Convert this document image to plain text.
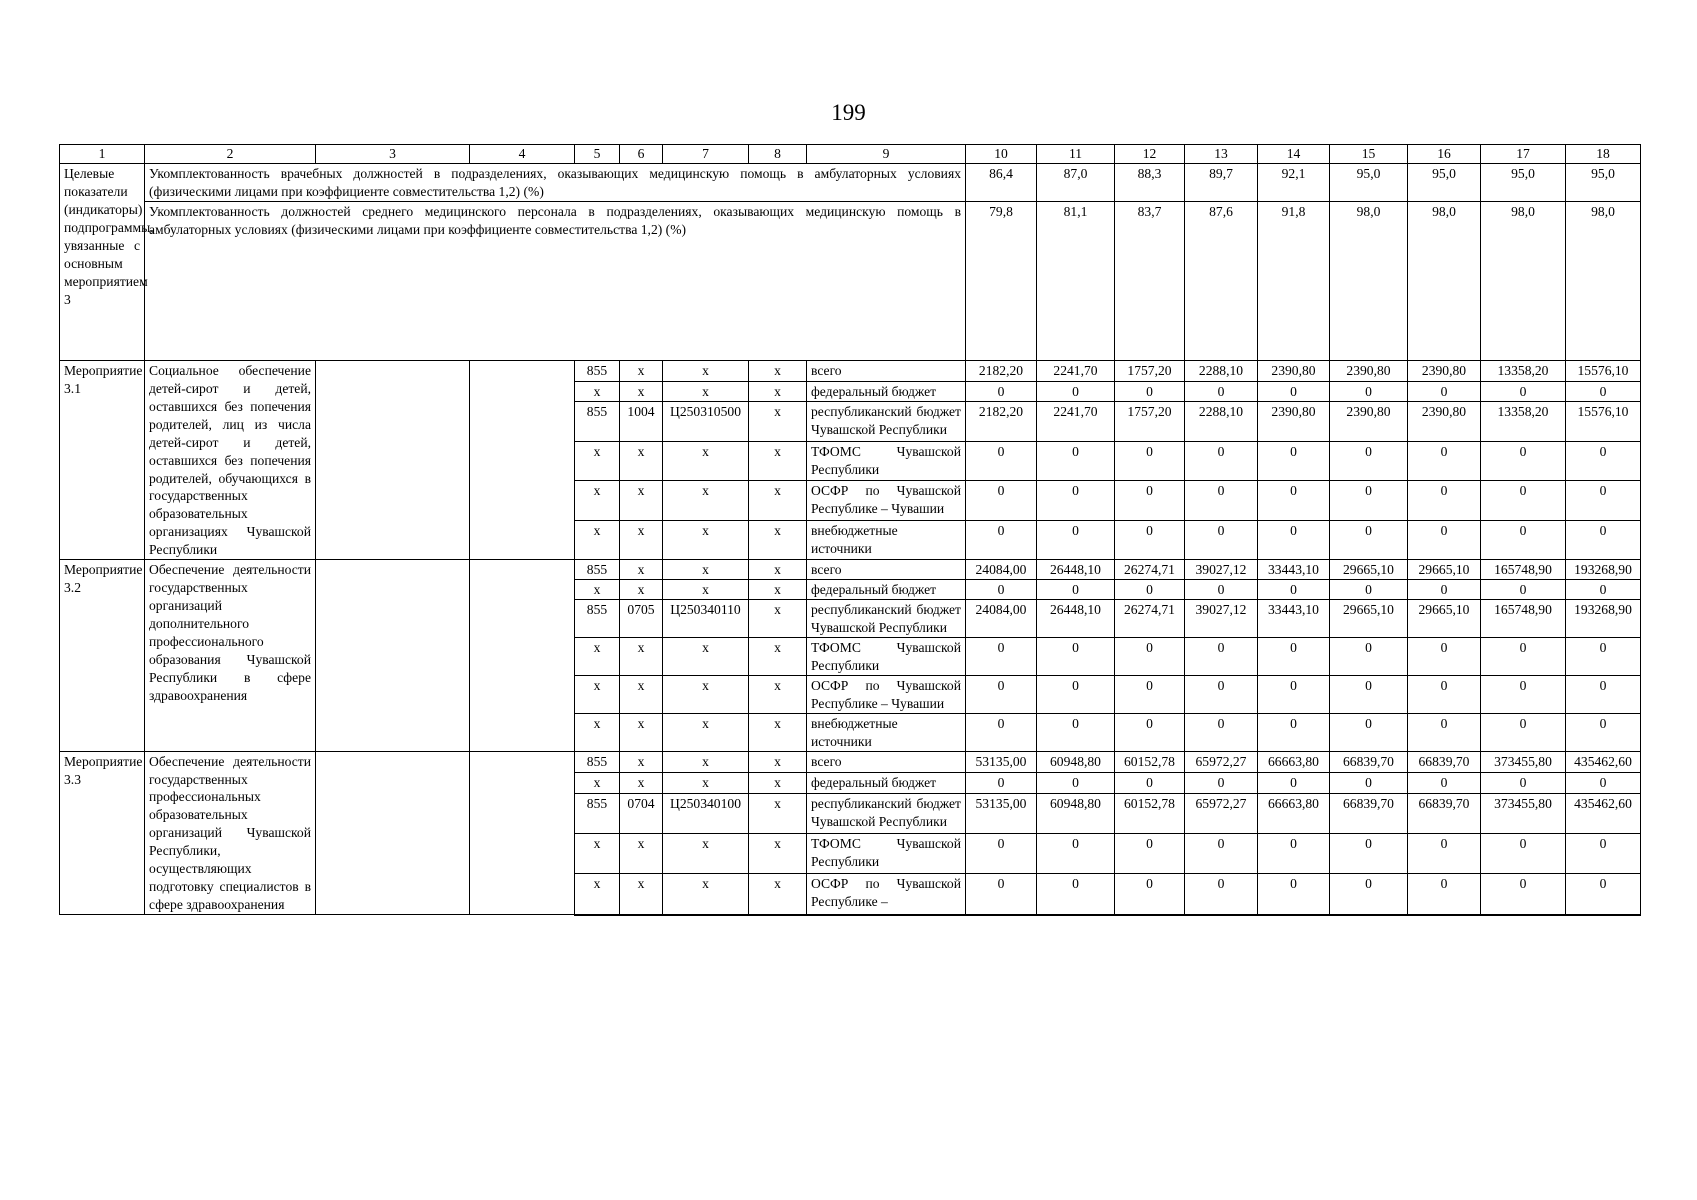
199
1	2	3	4	5	6	7	8	9	10	11	12	13	14	15	16	17	18
Целевые показатели (индикаторы) подпрограммы, увязанные с основным мероприятием 3	Укомплектованность врачебных должностей в подразделениях, оказывающих медицинскую помощь в амбулаторных условиях (физическими лицами при коэффициенте совместительства 1,2) (%)								86,4	87,0	88,3	89,7	92,1	95,0	95,0	95,0	95,0
	Укомплектованность должностей среднего медицинского персонала в подразделениях, оказывающих медицинскую помощь в амбулаторных условиях (физическими лицами при коэффициенте совместительства 1,2) (%)								79,8	81,1	83,7	87,6	91,8	98,0	98,0	98,0	98,0
Мероприятие 3.1	Социальное обеспечение детей-сирот и детей, оставшихся без попечения родителей, лиц из числа детей-сирот и детей, оставшихся без попечения родителей, обучающихся в государственных образовательных организациях Чувашской Республики			855	х	х	х	всего	2182,20	2241,70	1757,20	2288,10	2390,80	2390,80	2390,80	13358,20	15576,10
				х	х	х	х	федеральный бюджет	0	0	0	0	0	0	0	0	0
				855	1004	Ц250310500	х	республиканский бюджет Чувашской Республики	2182,20	2241,70	1757,20	2288,10	2390,80	2390,80	2390,80	13358,20	15576,10
				х	х	х	х	ТФОМС Чувашской Республики	0	0	0	0	0	0	0	0	0
				х	х	х	х	ОСФР по Чувашской Республике – Чувашии	0	0	0	0	0	0	0	0	0
				х	х	х	х	внебюджетные источники	0	0	0	0	0	0	0	0	0
Мероприятие 3.2	Обеспечение деятельности государственных организаций дополнительного профессионального образования Чувашской Республики в сфере здравоохранения			855	х	х	х	всего	24084,00	26448,10	26274,71	39027,12	33443,10	29665,10	29665,10	165748,90	193268,90
				х	х	х	х	федеральный бюджет	0	0	0	0	0	0	0	0	0
				855	0705	Ц250340110	х	республиканский бюджет Чувашской Республики	24084,00	26448,10	26274,71	39027,12	33443,10	29665,10	29665,10	165748,90	193268,90
				х	х	х	х	ТФОМС Чувашской Республики	0	0	0	0	0	0	0	0	0
				х	х	х	х	ОСФР по Чувашской Республике – Чувашии	0	0	0	0	0	0	0	0	0
				х	х	х	х	внебюджетные источники	0	0	0	0	0	0	0	0	0
Мероприятие 3.3	Обеспечение деятельности государственных профессиональных образовательных организаций Чувашской Республики, осуществляющих подготовку специалистов в сфере здравоохранения			855	х	х	х	всего	53135,00	60948,80	60152,78	65972,27	66663,80	66839,70	66839,70	373455,80	435462,60
				х	х	х	х	федеральный бюджет	0	0	0	0	0	0	0	0	0
				855	0704	Ц250340100	х	республиканский бюджет Чувашской Республики	53135,00	60948,80	60152,78	65972,27	66663,80	66839,70	66839,70	373455,80	435462,60
				х	х	х	х	ТФОМС Чувашской Республики	0	0	0	0	0	0	0	0	0
				х	х	х	х	ОСФР по Чувашской Республике –	0	0	0	0	0	0	0	0	0
